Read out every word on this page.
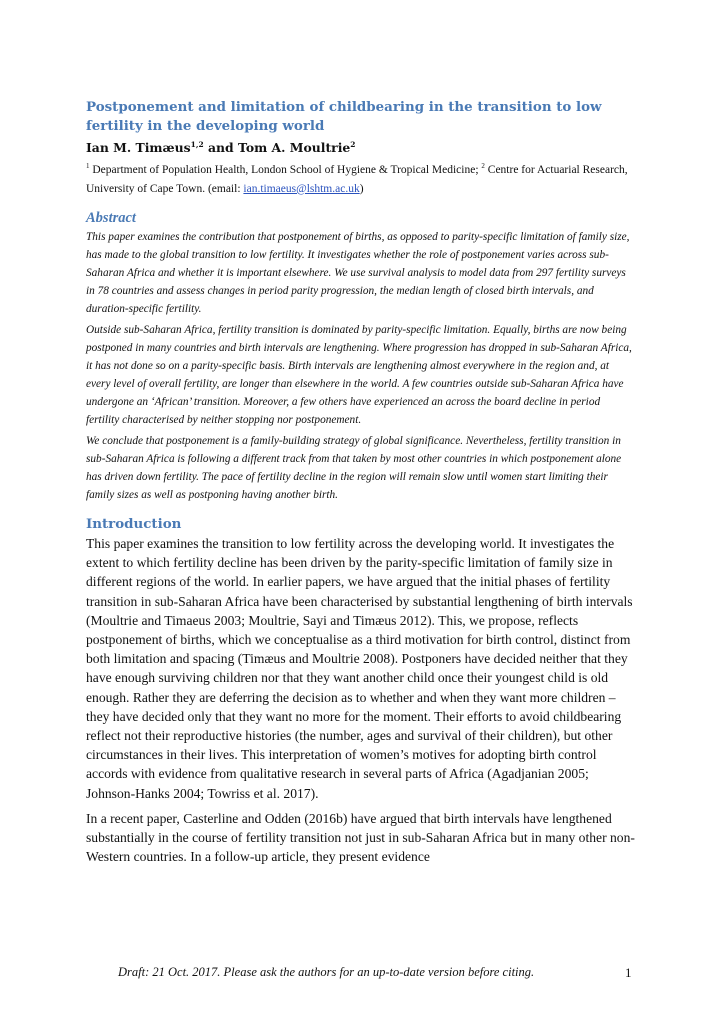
Postponement and limitation of childbearing in the transition to low fertility in the developing world

Ian M. Timæus$^{1,2}$ and Tom A. Moultrie$^2$

$^1$ Department of Population Health, London School of Hygiene & Tropical Medicine; $^2$ Centre for Actuarial Research, University of Cape Town. (email: ian.timaeus@lshtm.ac.uk)

Abstract

This paper examines the contribution that postponement of births, as opposed to parity-specific limitation of family size, has made to the global transition to low fertility. It investigates whether the role of postponement varies across sub-Saharan Africa and whether it is important elsewhere. We use survival analysis to model data from 297 fertility surveys in 78 countries and assess changes in period parity progression, the median length of closed birth intervals, and duration-specific fertility.

Outside sub-Saharan Africa, fertility transition is dominated by parity-specific limitation. Equally, births are now being postponed in many countries and birth intervals are lengthening. Where progression has dropped in sub-Saharan Africa, it has not done so on a parity-specific basis. Birth intervals are lengthening almost everywhere in the region and, at every level of overall fertility, are longer than elsewhere in the world. A few countries outside sub-Saharan Africa have undergone an ‘African’ transition. Moreover, a few others have experienced an across the board decline in period fertility characterised by neither stopping nor postponement.

We conclude that postponement is a family-building strategy of global significance. Nevertheless, fertility transition in sub-Saharan Africa is following a different track from that taken by most other countries in which postponement alone has driven down fertility. The pace of fertility decline in the region will remain slow until women start limiting their family sizes as well as postponing having another birth.

Introduction

This paper examines the transition to low fertility across the developing world. It investigates the extent to which fertility decline has been driven by the parity-specific limitation of family size in different regions of the world. In earlier papers, we have argued that the initial phases of fertility transition in sub-Saharan Africa have been characterised by substantial lengthening of birth intervals (Moultrie and Timaeus 2003; Moultrie, Sayi and Timæus 2012). This, we propose, reflects postponement of births, which we conceptualise as a third motivation for birth control, distinct from both limitation and spacing (Timæus and Moultrie 2008). Postponers have decided neither that they have enough surviving children nor that they want another child once their youngest child is old enough. Rather they are deferring the decision as to whether and when they want more children – they have decided only that they want no more for the moment. Their efforts to avoid childbearing reflect not their reproductive histories (the number, ages and survival of their children), but other circumstances in their lives. This interpretation of women’s motives for adopting birth control accords with evidence from qualitative research in several parts of Africa (Agadjanian 2005; Johnson-Hanks 2004; Towriss et al. 2017).

In a recent paper, Casterline and Odden (2016b) have argued that birth intervals have lengthened substantially in the course of fertility transition not just in sub-Saharan Africa but in many other non-Western countries. In a follow-up article, they present evidence

Draft: 21 Oct. 2017. Please ask the authors for an up-to-date version before citing.	1
